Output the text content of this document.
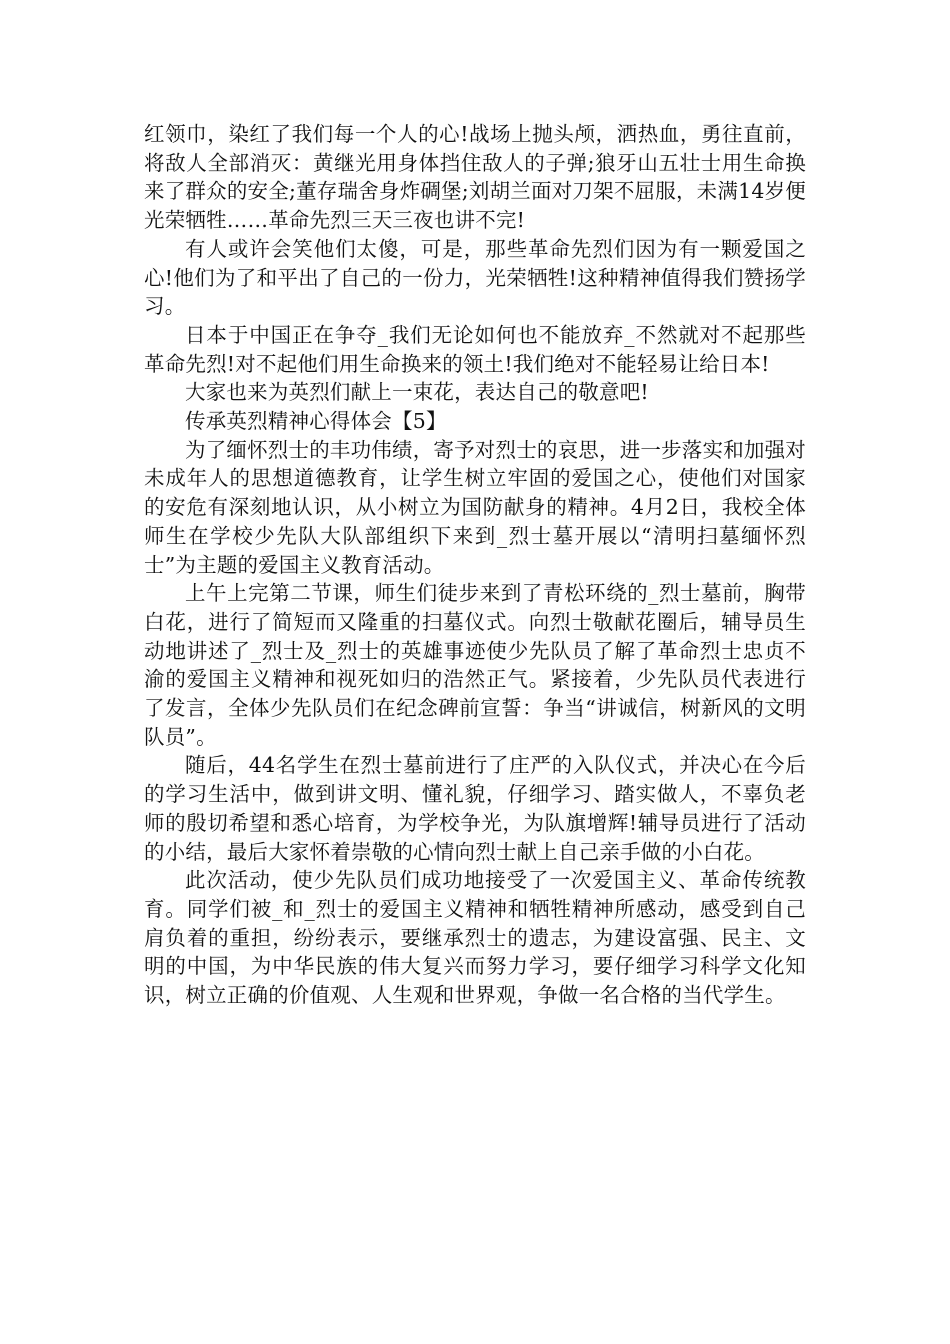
红领巾，染红了我们每一个人的心!战场上抛头颅，洒热血，勇往直前，将敌人全部消灭：黄继光用身体挡住敌人的子弹;狼牙山五壮士用生命换来了群众的安全;董存瑞舍身炸碉堡;刘胡兰面对刀架不屈服，未满14岁便光荣牺牲……革命先烈三天三夜也讲不完!

有人或许会笑他们太傻，可是，那些革命先烈们因为有一颗爱国之心!他们为了和平出了自己的一份力，光荣牺牲!这种精神值得我们赞扬学习。

日本于中国正在争夺_我们无论如何也不能放弃_不然就对不起那些革命先烈!对不起他们用生命换来的领土!我们绝对不能轻易让给日本!

大家也来为英烈们献上一束花，表达自己的敬意吧!

传承英烈精神心得体会【5】

为了缅怀烈士的丰功伟绩，寄予对烈士的哀思，进一步落实和加强对未成年人的思想道德教育，让学生树立牢固的爱国之心，使他们对国家的安危有深刻地认识，从小树立为国防献身的精神。4月2日，我校全体师生在学校少先队大队部组织下来到_烈士墓开展以“清明扫墓缅怀烈士”为主题的爱国主义教育活动。

上午上完第二节课，师生们徒步来到了青松环绕的_烈士墓前，胸带白花，进行了简短而又隆重的扫墓仪式。向烈士敬献花圈后，辅导员生动地讲述了_烈士及_烈士的英雄事迹使少先队员了解了革命烈士忠贞不渝的爱国主义精神和视死如归的浩然正气。紧接着，少先队员代表进行了发言，全体少先队员们在纪念碑前宣誓：争当“讲诚信，树新风的文明队员”。

随后，44名学生在烈士墓前进行了庄严的入队仪式，并决心在今后的学习生活中，做到讲文明、懂礼貌，仔细学习、踏实做人，不辜负老师的殷切希望和悉心培育，为学校争光，为队旗增辉!辅导员进行了活动的小结，最后大家怀着崇敬的心情向烈士献上自己亲手做的小白花。

此次活动，使少先队员们成功地接受了一次爱国主义、革命传统教育。同学们被_和_烈士的爱国主义精神和牺牲精神所感动，感受到自己肩负着的重担，纷纷表示，要继承烈士的遗志，为建设富强、民主、文明的中国，为中华民族的伟大复兴而努力学习，要仔细学习科学文化知识，树立正确的价值观、人生观和世界观，争做一名合格的当代学生。
